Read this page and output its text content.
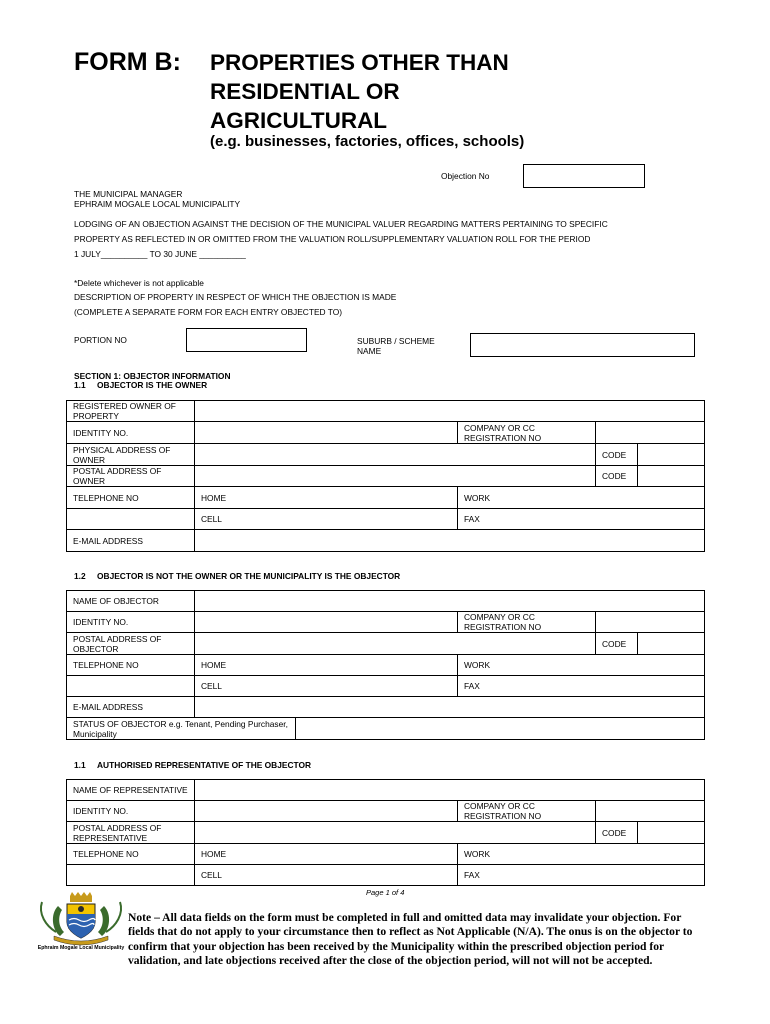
FORM B: PROPERTIES OTHER THAN
RESIDENTIAL OR
AGRICULTURAL
(e.g. businesses, factories, offices, schools)
Objection No
THE MUNICIPAL MANAGER
EPHRAIM MOGALE LOCAL MUNICIPALITY
LODGING OF AN OBJECTION AGAINST THE DECISION OF THE MUNICIPAL VALUER REGARDING MATTERS PERTAINING TO SPECIFIC
PROPERTY AS REFLECTED IN OR OMITTED FROM THE VALUATION ROLL/SUPPLEMENTARY VALUATION ROLL FOR THE PERIOD
1 JULY__________ TO 30 JUNE __________
*Delete whichever is not applicable
DESCRIPTION OF PROPERTY IN RESPECT OF WHICH THE OBJECTION IS MADE
(COMPLETE A SEPARATE FORM FOR EACH ENTRY OBJECTED TO)
PORTION NO	SUBURB / SCHEME
NAME
SECTION 1: OBJECTOR INFORMATION
1.1 OBJECTOR IS THE OWNER
REGISTERED OWNER OF PROPERTY				
IDENTITY NO.		COMPANY OR CC REGISTRATION NO		
PHYSICAL ADDRESS OF OWNER			CODE	
POSTAL ADDRESS OF OWNER			CODE	
TELEPHONE NO	HOME	WORK		
	CELL	FAX		
E-MAIL ADDRESS				
1.2 OBJECTOR IS NOT THE OWNER OR THE MUNICIPALITY IS THE OBJECTOR
NAME OF OBJECTOR					
IDENTITY NO.			COMPANY OR CC REGISTRATION NO		
POSTAL ADDRESS OF OBJECTOR				CODE	
TELEPHONE NO	HOME		WORK		
	CELL		FAX		
E-MAIL ADDRESS					
STATUS OF OBJECTOR e.g. Tenant, Pending Purchaser, Municipality					
1.1 AUTHORISED REPRESENTATIVE OF THE OBJECTOR
NAME OF REPRESENTATIVE				
IDENTITY NO.		COMPANY OR CC REGISTRATION NO		
POSTAL ADDRESS OF REPRESENTATIVE			CODE	
TELEPHONE NO	HOME	WORK		
	CELL	FAX		
Page 1 of 4
Ephraim Mogale Local Municipality
Note – All data fields on the form must be completed in full and omitted data may invalidate your objection. For fields that do not apply to your circumstance then to reflect as Not Applicable (N/A). The onus is on the objector to confirm that your objection has been received by the Municipality within the prescribed objection period for validation, and late objections received after the close of the objection period, will not will not be accepted.
